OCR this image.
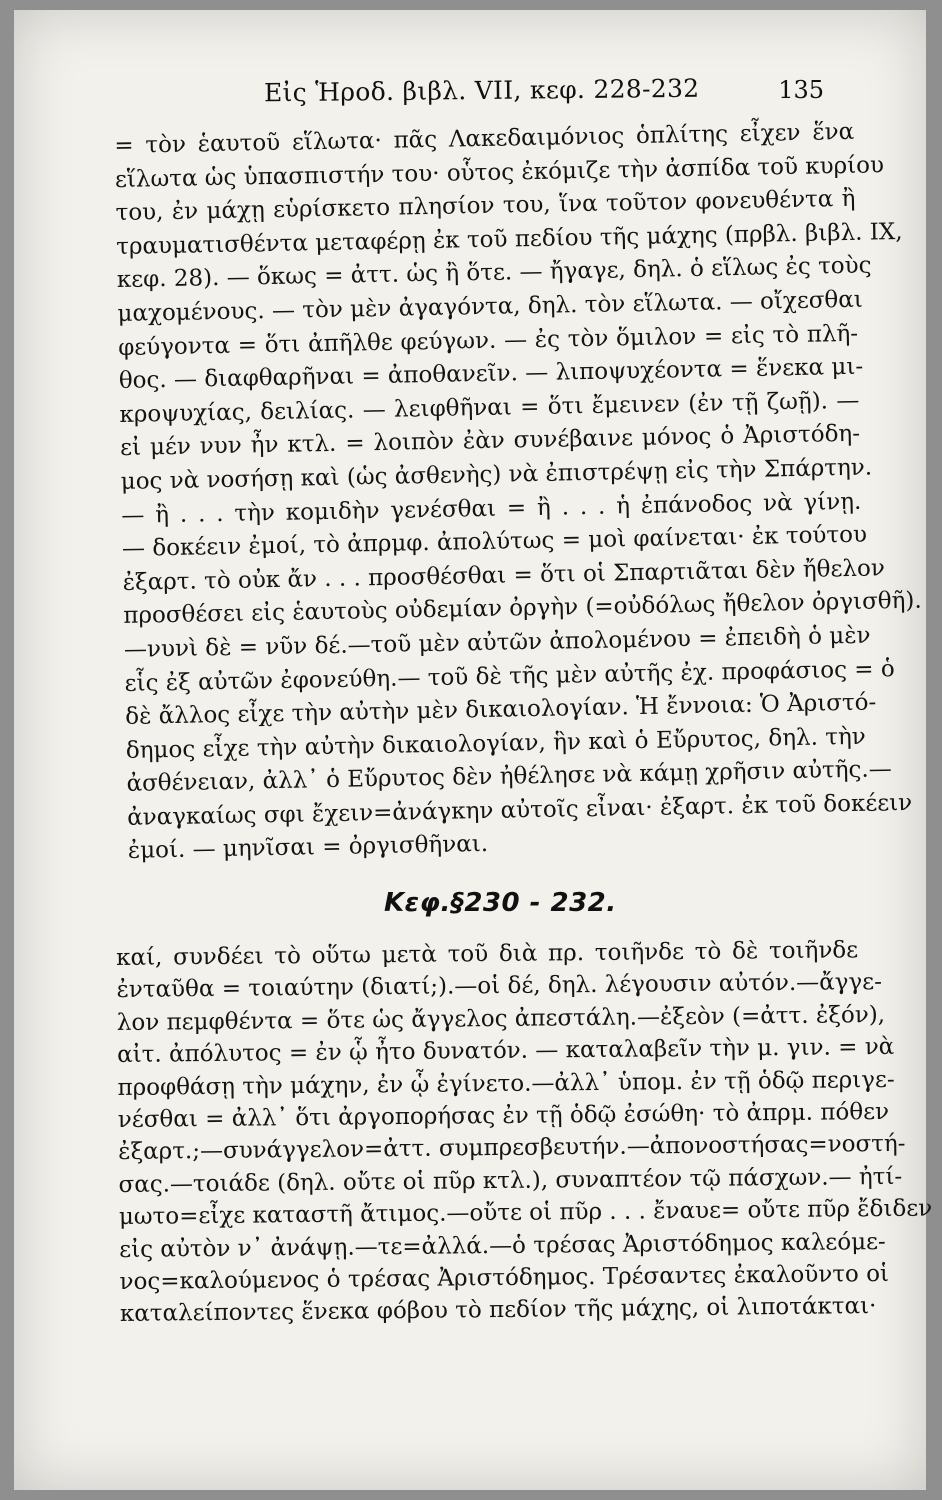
Εἰς Ἡροδ. βιβλ. VII, κεφ. 228-232	135
= τὸν ἑαυτοῦ εἵλωτα· πᾶς Λακεδαιμόνιος ὁπλίτης εἶχεν ἕνα
εἵλωτα ὡς ὑπασπιστήν του· οὗτος ἐκόμιζε τὴν ἀσπίδα τοῦ κυρίου
του, ἐν μάχῃ εὑρίσκετο πλησίον του, ἵνα τοῦτον φονευθέντα ἢ
τραυματισθέντα μεταφέρῃ ἐκ τοῦ πεδίου τῆς μάχης (πρβλ. βιβλ. IX,
κεφ. 28). — ὅκως = ἀττ. ὡς ἢ ὅτε. — ἤγαγε, δηλ. ὁ εἵλως ἐς τοὺς
μαχομένους. — τὸν μὲν ἀγαγόντα, δηλ. τὸν εἵλωτα. — οἴχεσθαι
φεύγοντα = ὅτι ἀπῆλθε φεύγων. — ἐς τὸν ὅμιλον = εἰς τὸ πλῆ-
θος. — διαφθαρῆναι = ἀποθανεῖν. — λιποψυχέοντα = ἕνεκα μι-
κροψυχίας, δειλίας. — λειφθῆναι = ὅτι ἔμεινεν (ἐν τῇ ζωῇ). —
εἰ μέν νυν ἦν κτλ. = λοιπὸν ἐὰν συνέβαινε μόνος ὁ Ἀριστόδη-
μος νὰ νοσήσῃ καὶ (ὡς ἀσθενὴς) νὰ ἐπιστρέψῃ εἰς τὴν Σπάρτην.
— ἢ . . . τὴν κομιδὴν γενέσθαι = ἢ . . . ἡ ἐπάνοδος νὰ γίνῃ.
— δοκέειν ἐμοί, τὸ ἀπρμφ. ἀπολύτως = μοὶ φαίνεται· ἐκ τούτου
ἐξαρτ. τὸ οὐκ ἄν . . . προσθέσθαι = ὅτι οἱ Σπαρτιᾶται δὲν ἤθελον
προσθέσει εἰς ἑαυτοὺς οὐδεμίαν ὀργὴν (=οὐδόλως ἤθελον ὀργισθῆ).
—νυνὶ δὲ = νῦν δέ.—τοῦ μὲν αὐτῶν ἀπολομένου = ἐπειδὴ ὁ μὲν
εἷς ἐξ αὐτῶν ἐφονεύθη.— τοῦ δὲ τῆς μὲν αὐτῆς ἐχ. προφάσιος = ὁ
δὲ ἄλλος εἶχε τὴν αὐτὴν μὲν δικαιολογίαν. Ἡ ἔννοια: Ὁ Ἀριστό-
δημος εἶχε τὴν αὐτὴν δικαιολογίαν, ἣν καὶ ὁ Εὔρυτος, δηλ. τὴν
ἀσθένειαν, ἀλλ᾽ ὁ Εὔρυτος δὲν ἠθέλησε νὰ κάμῃ χρῆσιν αὐτῆς.—
ἀναγκαίως σφι ἔχειν=ἀνάγκην αὐτοῖς εἶναι· ἐξαρτ. ἐκ τοῦ δοκέειν
ἐμοί. — μηνῖσαι = ὀργισθῆναι.
Κεφ.§230 - 232.
καί, συνδέει τὸ οὕτω μετὰ τοῦ διὰ πρ. τοιῆνδε τὸ δὲ τοιῆνδε
ἐνταῦθα = τοιαύτην (διατί;).—οἱ δέ, δηλ. λέγουσιν αὐτόν.—ἄγγε-
λον πεμφθέντα = ὅτε ὡς ἄγγελος ἀπεστάλη.—ἐξεὸν (=ἀττ. ἐξόν),
αἰτ. ἀπόλυτος = ἐν ᾧ ἦτο δυνατόν. — καταλαβεῖν τὴν μ. γιν. = νὰ
προφθάσῃ τὴν μάχην, ἐν ᾧ ἐγίνετο.—ἀλλ᾽ ὑπομ. ἐν τῇ ὁδῷ περιγε-
νέσθαι = ἀλλ᾽ ὅτι ἀργοπορήσας ἐν τῇ ὁδῷ ἐσώθη· τὸ ἀπρμ. πόθεν
ἐξαρτ.;—συνάγγελον=ἀττ. συμπρεσβευτήν.—ἀπονοστήσας=νοστή-
σας.—τοιάδε (δηλ. οὔτε οἱ πῦρ κτλ.), συναπτέον τῷ πάσχων.— ἠτί-
μωτο=εἶχε καταστῆ ἄτιμος.—οὔτε οἱ πῦρ . . . ἔναυε= οὔτε πῦρ ἔδιδεν
εἰς αὐτὸν ν᾽ ἀνάψῃ.—τε=ἀλλά.—ὁ τρέσας Ἀριστόδημος καλεόμε-
νος=καλούμενος ὁ τρέσας Ἀριστόδημος. Τρέσαντες ἐκαλοῦντο οἱ
καταλείποντες ἕνεκα φόβου τὸ πεδίον τῆς μάχης, οἱ λιποτάκται·
